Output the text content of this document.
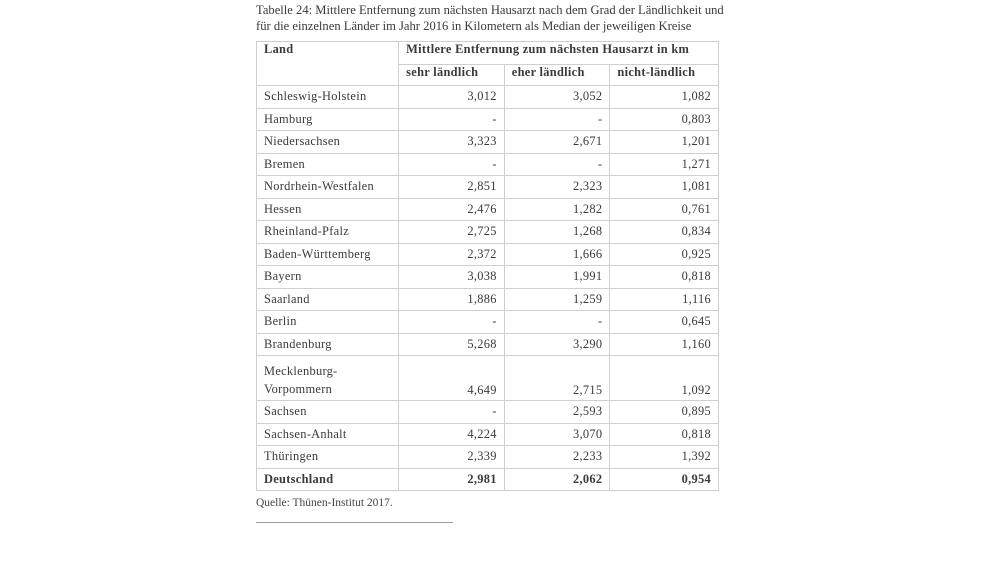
Tabelle 24: Mittlere Entfernung zum nächsten Hausarzt nach dem Grad der Ländlichkeit und für die einzelnen Länder im Jahr 2016 in Kilometern als Median der jeweiligen Kreise

Land	Mittlere Entfernung zum nächsten Hausarzt in km		
	sehr ländlich	eher ländlich	nicht-ländlich
Schleswig-Holstein	3,012	3,052	1,082
Hamburg	-	-	0,803
Niedersachsen	3,323	2,671	1,201
Bremen	-	-	1,271
Nordrhein-Westfalen	2,851	2,323	1,081
Hessen	2,476	1,282	0,761
Rheinland-Pfalz	2,725	1,268	0,834
Baden-Württemberg	2,372	1,666	0,925
Bayern	3,038	1,991	0,818
Saarland	1,886	1,259	1,116
Berlin	-	-	0,645
Brandenburg	5,268	3,290	1,160
Mecklenburg-Vorpommern	4,649	2,715	1,092
Sachsen	-	2,593	0,895
Sachsen-Anhalt	4,224	3,070	0,818
Thüringen	2,339	2,233	1,392
Deutschland	2,981	2,062	0,954
Quelle: Thünen-Institut 2017.
